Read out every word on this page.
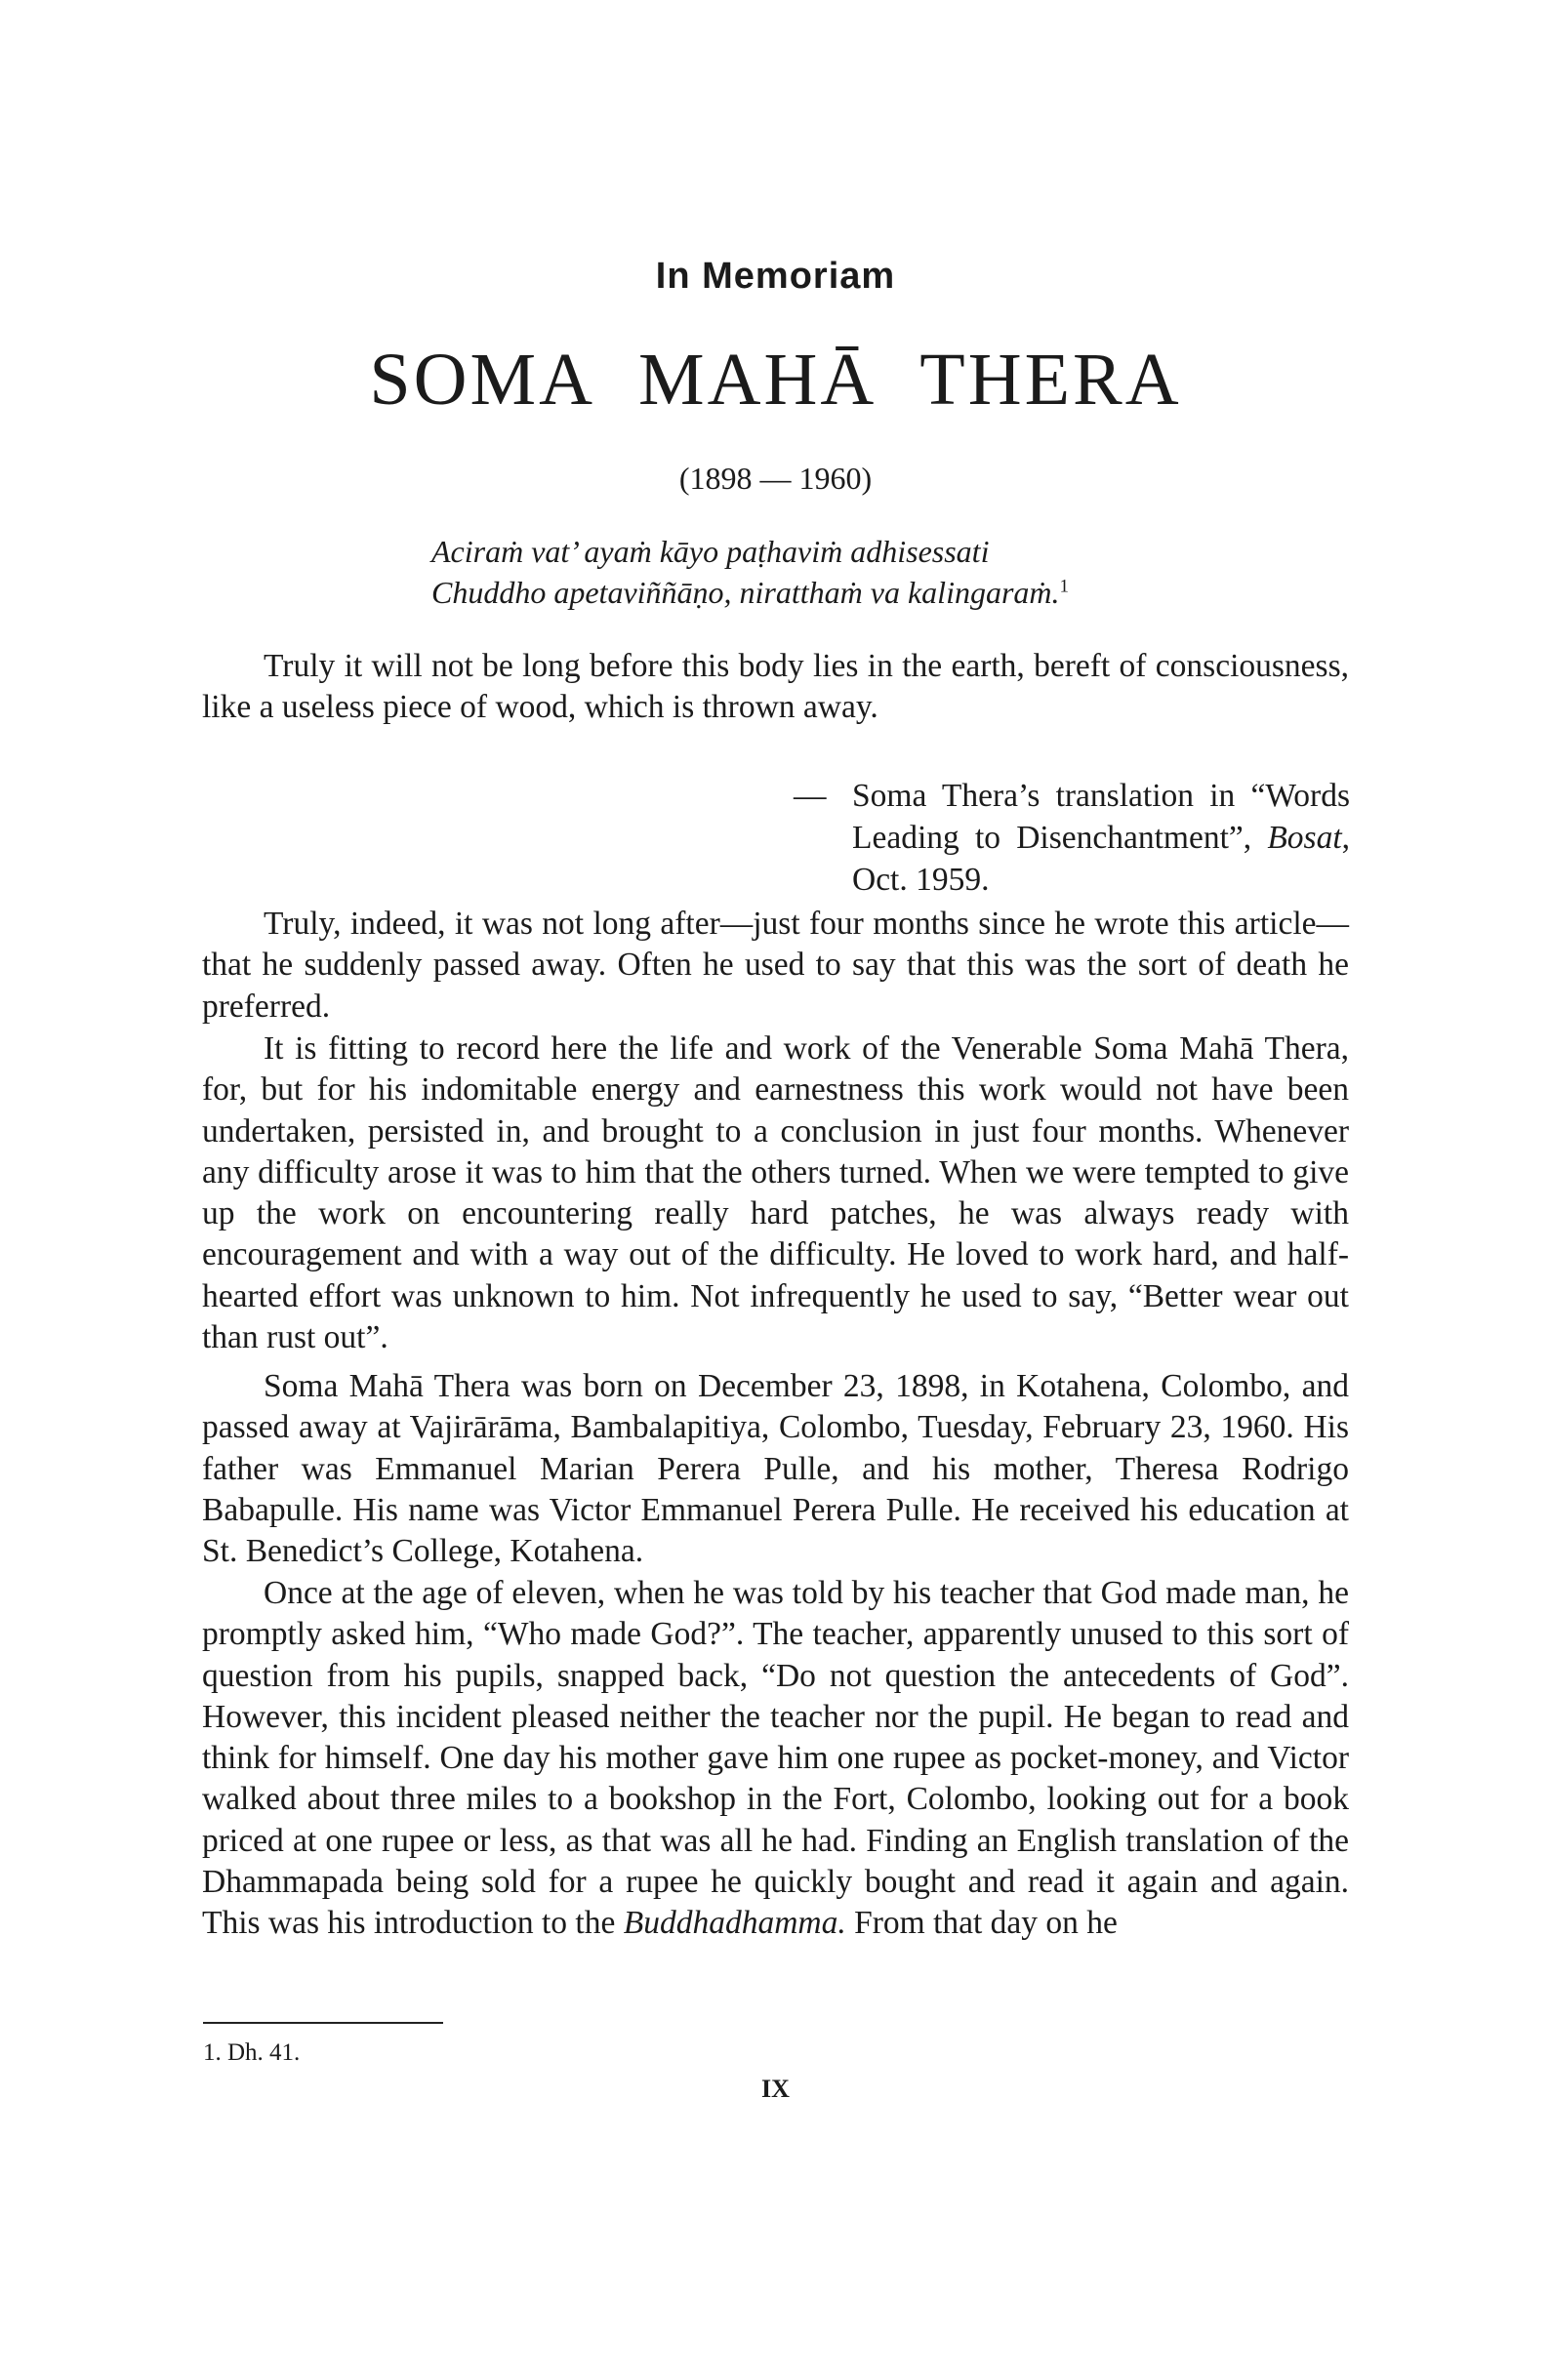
In Memoriam
SOMA MAHĀ THERA
(1898 — 1960)
Aciraṁ vat’ ayaṁ kāyo paṭhaviṁ adhisessati
Chuddho apetaviññāṇo, niratthaṁ va kalingaraṁ.$^1$

Truly it will not be long before this body lies in the earth, bereft of consciousness, like a useless piece of wood, which is thrown away.

— Soma Thera’s translation in “Words Leading to Disenchantment”, Bosat, Oct. 1959.

Truly, indeed, it was not long after—just four months since he wrote this article—that he suddenly passed away. Often he used to say that this was the sort of death he preferred.

It is fitting to record here the life and work of the Venerable Soma Mahā Thera, for, but for his indomitable energy and earnestness this work would not have been undertaken, persisted in, and brought to a conclusion in just four months. Whenever any difficulty arose it was to him that the others turned. When we were tempted to give up the work on encountering really hard patches, he was always ready with encouragement and with a way out of the difficulty. He loved to work hard, and half-hearted effort was unknown to him. Not infrequently he used to say, “Better wear out than rust out”.

Soma Mahā Thera was born on December 23, 1898, in Kotahena, Colombo, and passed away at Vajirārāma, Bambalapitiya, Colombo, Tuesday, February 23, 1960. His father was Emmanuel Marian Perera Pulle, and his mother, Theresa Rodrigo Babapulle. His name was Victor Emmanuel Perera Pulle. He received his education at St. Benedict’s College, Kotahena.

Once at the age of eleven, when he was told by his teacher that God made man, he promptly asked him, “Who made God?”. The teacher, apparently unused to this sort of question from his pupils, snapped back, “Do not question the antecedents of God”. However, this incident pleased neither the teacher nor the pupil. He began to read and think for himself. One day his mother gave him one rupee as pocket-money, and Victor walked about three miles to a bookshop in the Fort, Colombo, looking out for a book priced at one rupee or less, as that was all he had. Finding an English translation of the Dhammapada being sold for a rupee he quickly bought and read it again and again. This was his introduction to the Buddhadhamma. From that day on he

1. Dh. 41.
IX
